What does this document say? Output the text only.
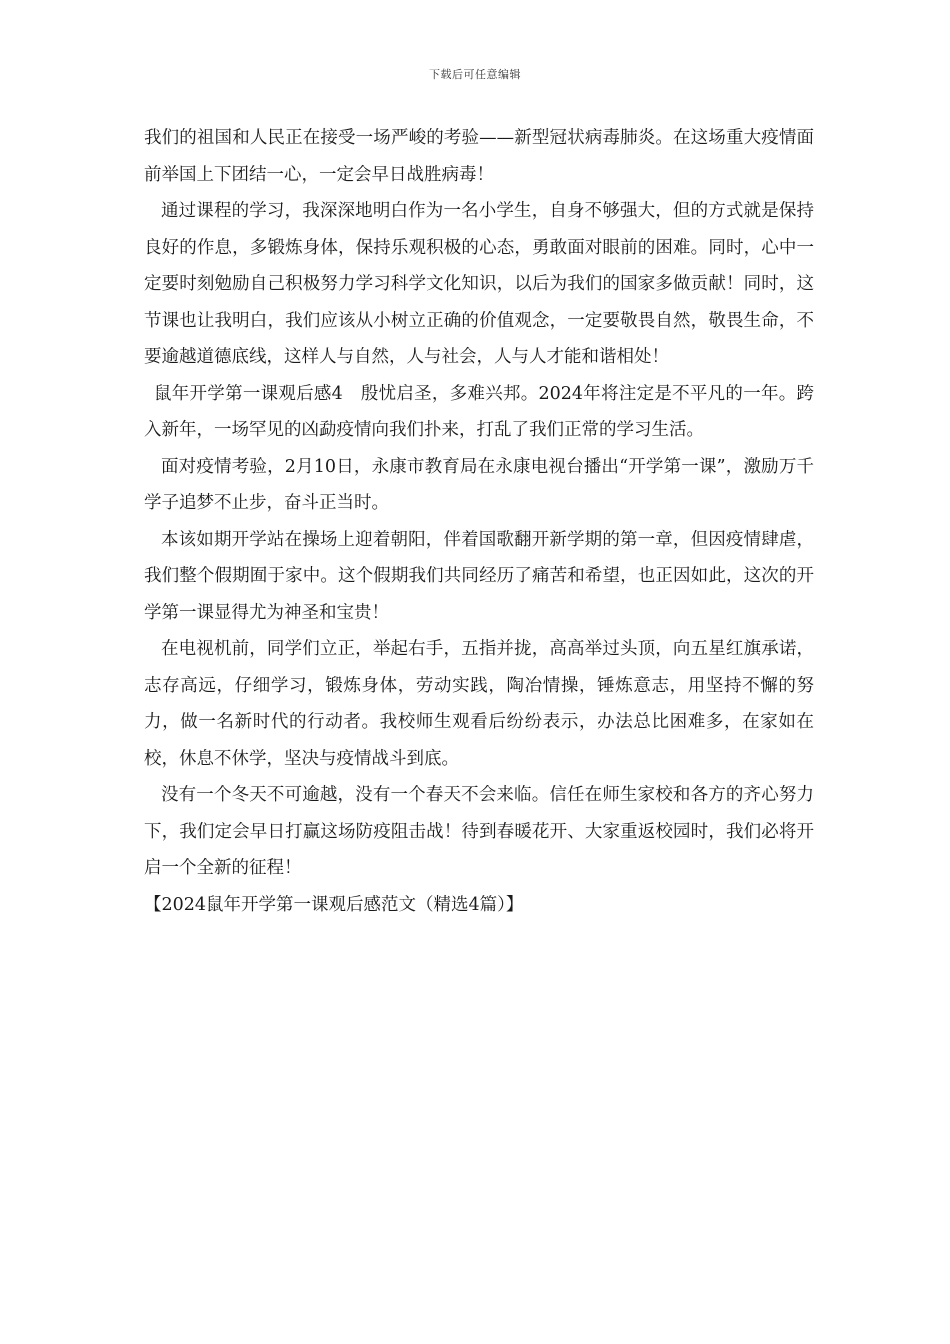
下载后可任意编辑

我们的祖国和人民正在接受一场严峻的考验——新型冠状病毒肺炎。在这场重大疫情面前举国上下团结一心，一定会早日战胜病毒！

通过课程的学习，我深深地明白作为一名小学生，自身不够强大，但的方式就是保持良好的作息，多锻炼身体，保持乐观积极的心态，勇敢面对眼前的困难。同时，心中一定要时刻勉励自己积极努力学习科学文化知识，以后为我们的国家多做贡献！同时，这节课也让我明白，我们应该从小树立正确的价值观念，一定要敬畏自然，敬畏生命，不要逾越道德底线，这样人与自然，人与社会，人与人才能和谐相处！

鼠年开学第一课观后感4　殷忧启圣，多难兴邦。2024年将注定是不平凡的一年。跨入新年，一场罕见的凶勐疫情向我们扑来，打乱了我们正常的学习生活。

面对疫情考验，2月10日，永康市教育局在永康电视台播出“开学第一课”，激励万千学子追梦不止步，奋斗正当时。

本该如期开学站在操场上迎着朝阳，伴着国歌翻开新学期的第一章，但因疫情肆虐，我们整个假期囿于家中。这个假期我们共同经历了痛苦和希望，也正因如此，这次的开学第一课显得尤为神圣和宝贵！

在电视机前，同学们立正，举起右手，五指并拢，高高举过头顶，向五星红旗承诺，志存高远，仔细学习，锻炼身体，劳动实践，陶冶情操，锤炼意志，用坚持不懈的努力，做一名新时代的行动者。我校师生观看后纷纷表示，办法总比困难多，在家如在校，休息不休学，坚决与疫情战斗到底。

没有一个冬天不可逾越，没有一个春天不会来临。信任在师生家校和各方的齐心努力下，我们定会早日打赢这场防疫阻击战！待到春暖花开、大家重返校园时，我们必将开启一个全新的征程！

【2024鼠年开学第一课观后感范文（精选4篇）】
